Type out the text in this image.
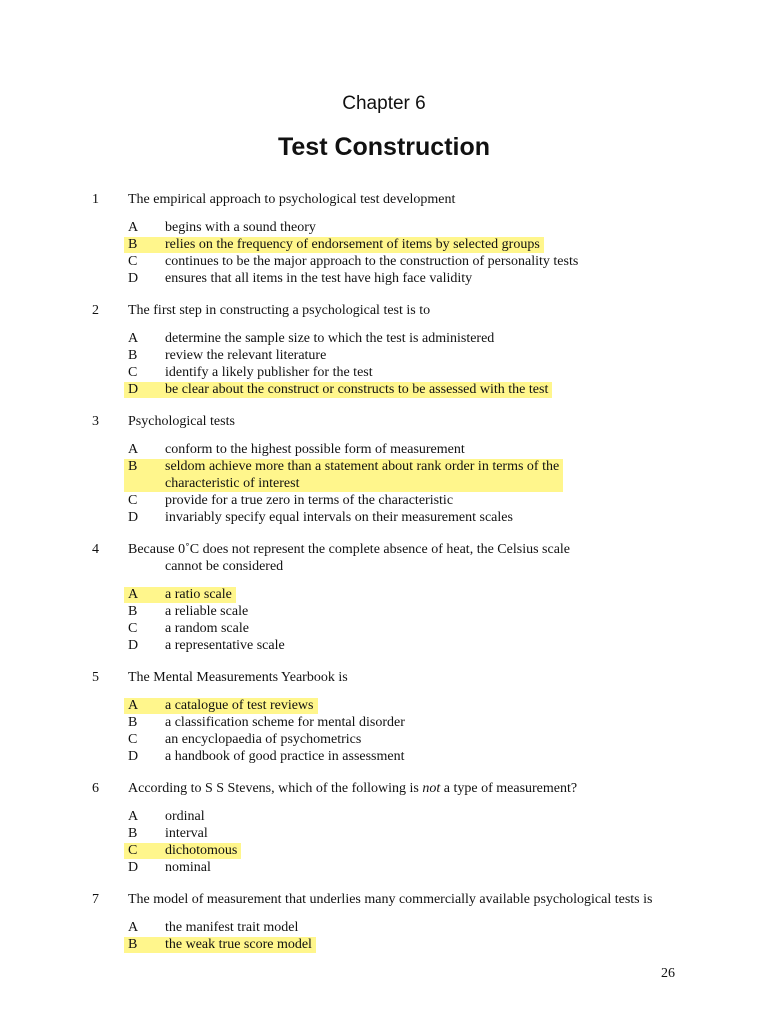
Chapter 6
Test Construction
1 The empirical approach to psychological test development
A begins with a sound theory
B relies on the frequency of endorsement of items by selected groups
C continues to be the major approach to the construction of personality tests
D ensures that all items in the test have high face validity
2 The first step in constructing a psychological test is to
A determine the sample size to which the test is administered
B review the relevant literature
C identify a likely publisher for the test
D be clear about the construct or constructs to be assessed with the test
3 Psychological tests
A conform to the highest possible form of measurement
B seldom achieve more than a statement about rank order in terms of the characteristic of interest
C provide for a true zero in terms of the characteristic
D invariably specify equal intervals on their measurement scales
4 Because 0˚C does not represent the complete absence of heat, the Celsius scale
cannot be considered
A a ratio scale
B a reliable scale
C a random scale
D a representative scale
5 The Mental Measurements Yearbook is
A a catalogue of test reviews
B a classification scheme for mental disorder
C an encyclopaedia of psychometrics
D a handbook of good practice in assessment
6 According to S S Stevens, which of the following is not a type of measurement?
A ordinal
B interval
C dichotomous
D nominal
7 The model of measurement that underlies many commercially available psychological tests is
A the manifest trait model
B the weak true score model
26
